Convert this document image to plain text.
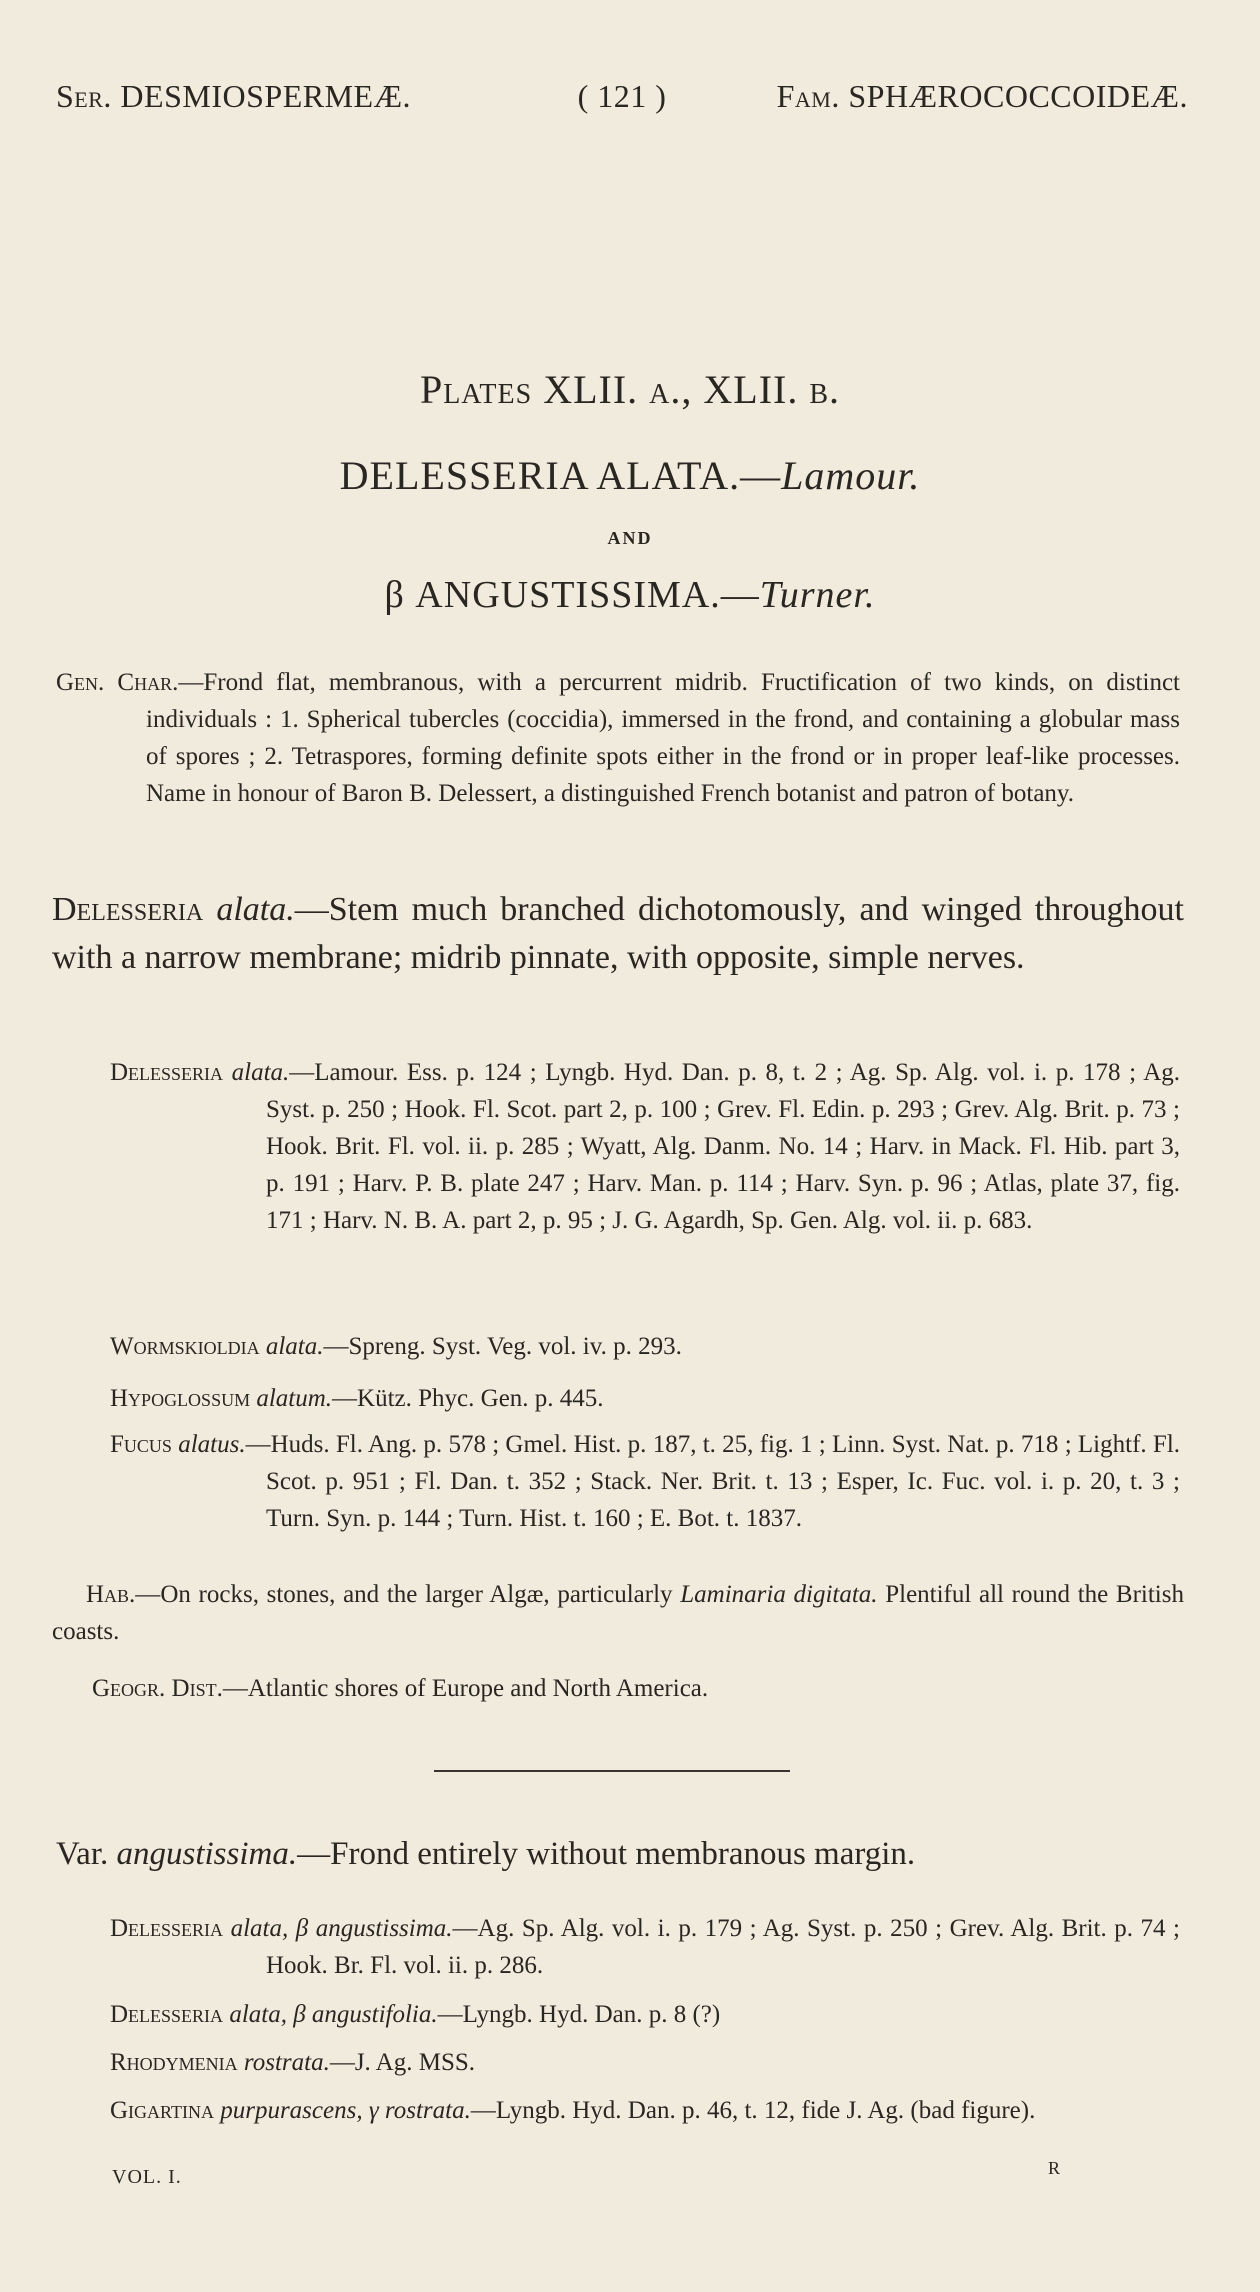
Ser. DESMIOSPERMEÆ.	( 121 )	Fam. SPHÆROCOCCOIDEÆ.
Plates XLII. a., XLII. b.
DELESSERIA ALATA.—Lamour.
AND
β ANGUSTISSIMA.—Turner.
Gen. Char.—Frond flat, membranous, with a percurrent midrib. Fructification of two kinds, on distinct individuals : 1. Spherical tubercles (coccidia), immersed in the frond, and containing a globular mass of spores ; 2. Tetraspores, forming definite spots either in the frond or in proper leaf-like processes. Name in honour of Baron B. Delessert, a distinguished French botanist and patron of botany.
Delesseria alata.—Stem much branched dichotomously, and winged throughout with a narrow membrane; midrib pinnate, with opposite, simple nerves.
Delesseria alata.—Lamour. Ess. p. 124 ; Lyngb. Hyd. Dan. p. 8, t. 2 ; Ag. Sp. Alg. vol. i. p. 178 ; Ag. Syst. p. 250 ; Hook. Fl. Scot. part 2, p. 100 ; Grev. Fl. Edin. p. 293 ; Grev. Alg. Brit. p. 73 ; Hook. Brit. Fl. vol. ii. p. 285 ; Wyatt, Alg. Danm. No. 14 ; Harv. in Mack. Fl. Hib. part 3, p. 191 ; Harv. P. B. plate 247 ; Harv. Man. p. 114 ; Harv. Syn. p. 96 ; Atlas, plate 37, fig. 171 ; Harv. N. B. A. part 2, p. 95 ; J. G. Agardh, Sp. Gen. Alg. vol. ii. p. 683.
Wormskioldia alata.—Spreng. Syst. Veg. vol. iv. p. 293.
Hypoglossum alatum.—Kütz. Phyc. Gen. p. 445.
Fucus alatus.—Huds. Fl. Ang. p. 578 ; Gmel. Hist. p. 187, t. 25, fig. 1 ; Linn. Syst. Nat. p. 718 ; Lightf. Fl. Scot. p. 951 ; Fl. Dan. t. 352 ; Stack. Ner. Brit. t. 13 ; Esper, Ic. Fuc. vol. i. p. 20, t. 3 ; Turn. Syn. p. 144 ; Turn. Hist. t. 160 ; E. Bot. t. 1837.
Hab.—On rocks, stones, and the larger Algæ, particularly Laminaria digitata. Plentiful all round the British coasts.
Geogr. Dist.—Atlantic shores of Europe and North America.
Var. angustissima.—Frond entirely without membranous margin.
Delesseria alata, β angustissima.—Ag. Sp. Alg. vol. i. p. 179 ; Ag. Syst. p. 250 ; Grev. Alg. Brit. p. 74 ; Hook. Br. Fl. vol. ii. p. 286.
Delesseria alata, β angustifolia.—Lyngb. Hyd. Dan. p. 8 (?)
Rhodymenia rostrata.—J. Ag. MSS.
Gigartina purpurascens, γ rostrata.—Lyngb. Hyd. Dan. p. 46, t. 12, fide J. Ag. (bad figure).
VOL. I.	R
